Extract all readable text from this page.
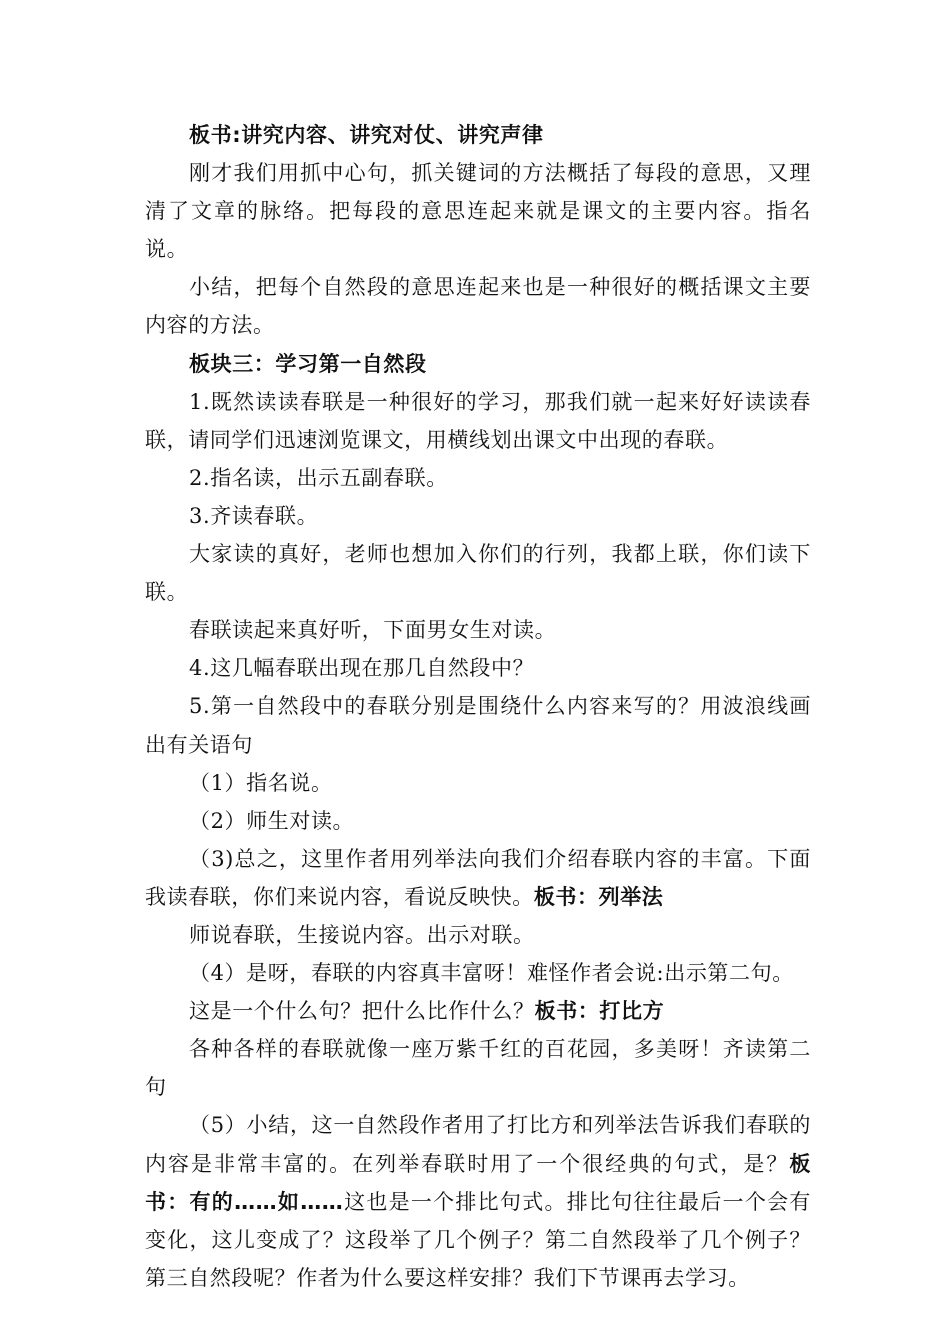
板书:讲究内容、讲究对仗、讲究声律

刚才我们用抓中心句，抓关键词的方法概括了每段的意思，又理清了文章的脉络。把每段的意思连起来就是课文的主要内容。指名说。

小结，把每个自然段的意思连起来也是一种很好的概括课文主要内容的方法。

板块三：学习第一自然段

1.既然读读春联是一种很好的学习，那我们就一起来好好读读春联，请同学们迅速浏览课文，用横线划出课文中出现的春联。

2.指名读，出示五副春联。

3.齐读春联。

大家读的真好，老师也想加入你们的行列，我都上联，你们读下联。

春联读起来真好听，下面男女生对读。

4.这几幅春联出现在那几自然段中？

5.第一自然段中的春联分别是围绕什么内容来写的？用波浪线画出有关语句

（1）指名说。

（2）师生对读。

（3)总之，这里作者用列举法向我们介绍春联内容的丰富。下面我读春联，你们来说内容，看说反映快。板书：列举法

师说春联，生接说内容。出示对联。

（4）是呀，春联的内容真丰富呀！难怪作者会说:出示第二句。

这是一个什么句？把什么比作什么？板书：打比方

各种各样的春联就像一座万紫千红的百花园，多美呀！齐读第二句

（5）小结，这一自然段作者用了打比方和列举法告诉我们春联的内容是非常丰富的。在列举春联时用了一个很经典的句式，是？板书：有的……如……这也是一个排比句式。排比句往往最后一个会有变化，这儿变成了？这段举了几个例子？第二自然段举了几个例子？第三自然段呢？作者为什么要这样安排？我们下节课再去学习。
